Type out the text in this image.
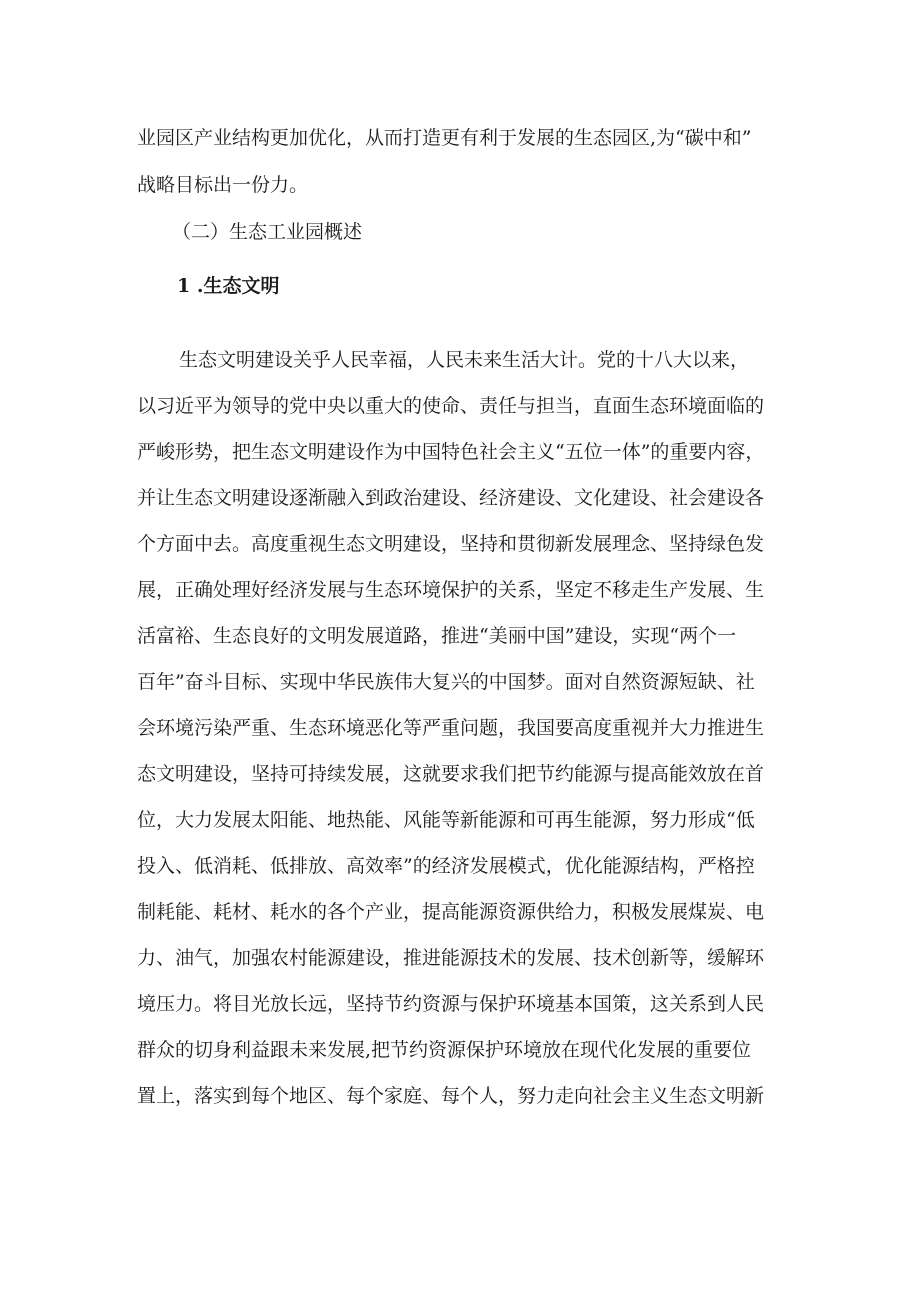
业园区产业结构更加优化，从而打造更有利于发展的生态园区,为“碳中和”
战略目标出一份力。
（二）生态工业园概述
1 .生态文明
生态文明建设关乎人民幸福，人民未来生活大计。党的十八大以来，
以习近平为领导的党中央以重大的使命、责任与担当，直面生态环境面临的
严峻形势，把生态文明建设作为中国特色社会主义“五位一体”的重要内容，
并让生态文明建设逐渐融入到政治建设、经济建设、文化建设、社会建设各
个方面中去。高度重视生态文明建设，坚持和贯彻新发展理念、坚持绿色发
展，正确处理好经济发展与生态环境保护的关系，坚定不移走生产发展、生
活富裕、生态良好的文明发展道路，推进“美丽中国”建设，实现“两个一
百年”奋斗目标、实现中华民族伟大复兴的中国梦。面对自然资源短缺、社
会环境污染严重、生态环境恶化等严重问题，我国要高度重视并大力推进生
态文明建设，坚持可持续发展，这就要求我们把节约能源与提高能效放在首
位，大力发展太阳能、地热能、风能等新能源和可再生能源，努力形成“低
投入、低消耗、低排放、高效率”的经济发展模式，优化能源结构，严格控
制耗能、耗材、耗水的各个产业，提高能源资源供给力，积极发展煤炭、电
力、油气，加强农村能源建设，推进能源技术的发展、技术创新等，缓解环
境压力。将目光放长远，坚持节约资源与保护环境基本国策，这关系到人民
群众的切身利益跟未来发展,把节约资源保护环境放在现代化发展的重要位
置上，落实到每个地区、每个家庭、每个人，努力走向社会主义生态文明新
